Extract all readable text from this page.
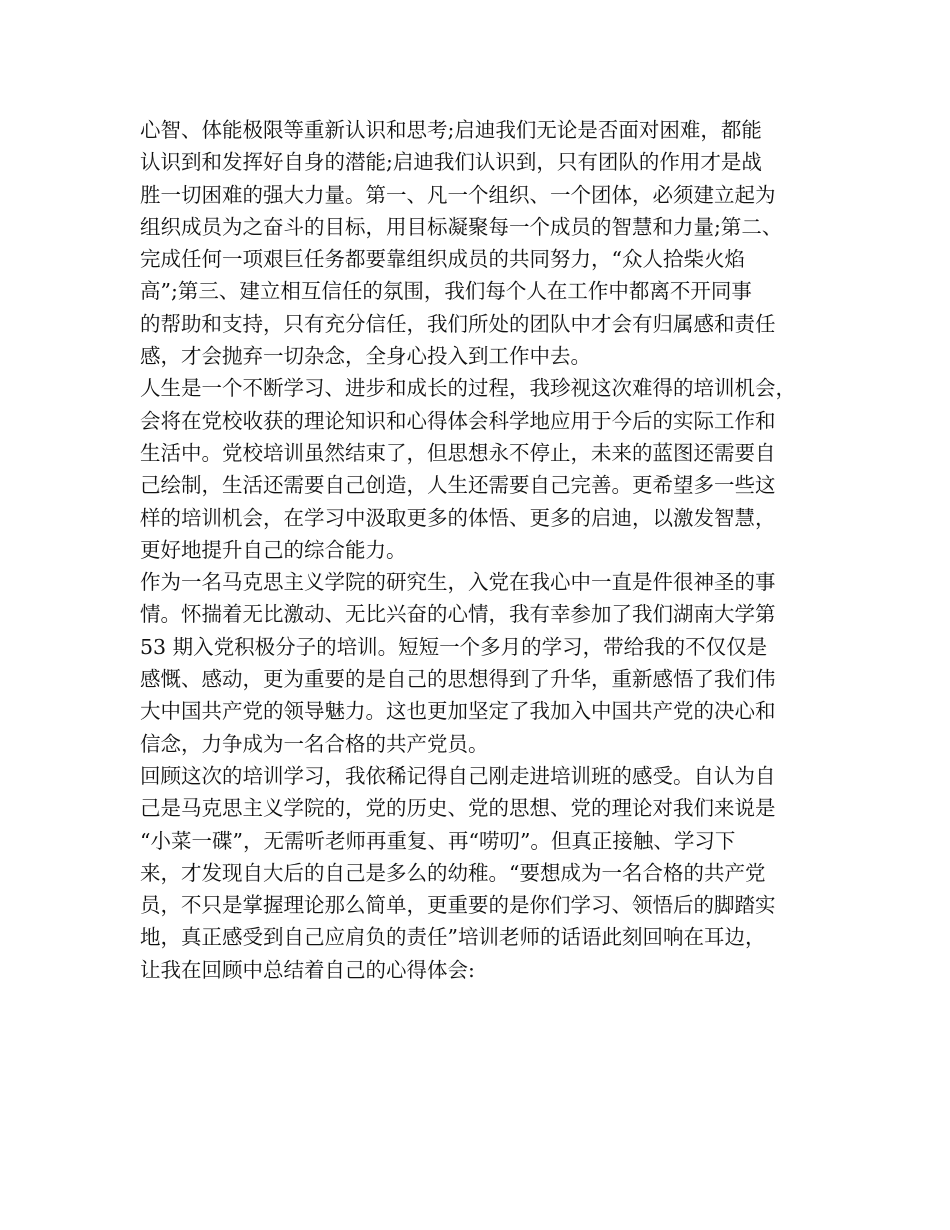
心智、体能极限等重新认识和思考;启迪我们无论是否面对困难，都能
认识到和发挥好自身的潜能;启迪我们认识到，只有团队的作用才是战
胜一切困难的强大力量。第一、凡一个组织、一个团体，必须建立起为
组织成员为之奋斗的目标，用目标凝聚每一个成员的智慧和力量;第二、
完成任何一项艰巨任务都要靠组织成员的共同努力，“众人拾柴火焰
高”;第三、建立相互信任的氛围，我们每个人在工作中都离不开同事
的帮助和支持，只有充分信任，我们所处的团队中才会有归属感和责任
感，才会抛弃一切杂念，全身心投入到工作中去。
人生是一个不断学习、进步和成长的过程，我珍视这次难得的培训机会，
会将在党校收获的理论知识和心得体会科学地应用于今后的实际工作和
生活中。党校培训虽然结束了，但思想永不停止，未来的蓝图还需要自
己绘制，生活还需要自己创造，人生还需要自己完善。更希望多一些这
样的培训机会，在学习中汲取更多的体悟、更多的启迪，以激发智慧，
更好地提升自己的综合能力。
作为一名马克思主义学院的研究生，入党在我心中一直是件很神圣的事
情。怀揣着无比激动、无比兴奋的心情，我有幸参加了我们湖南大学第
53 期入党积极分子的培训。短短一个多月的学习，带给我的不仅仅是
感慨、感动，更为重要的是自己的思想得到了升华，重新感悟了我们伟
大中国共产党的领导魅力。这也更加坚定了我加入中国共产党的决心和
信念，力争成为一名合格的共产党员。
回顾这次的培训学习，我依稀记得自己刚走进培训班的感受。自认为自
己是马克思主义学院的，党的历史、党的思想、党的理论对我们来说是
“小菜一碟”，无需听老师再重复、再“唠叨”。但真正接触、学习下
来，才发现自大后的自己是多么的幼稚。“要想成为一名合格的共产党
员，不只是掌握理论那么简单，更重要的是你们学习、领悟后的脚踏实
地，真正感受到自己应肩负的责任”培训老师的话语此刻回响在耳边，
让我在回顾中总结着自己的心得体会:
